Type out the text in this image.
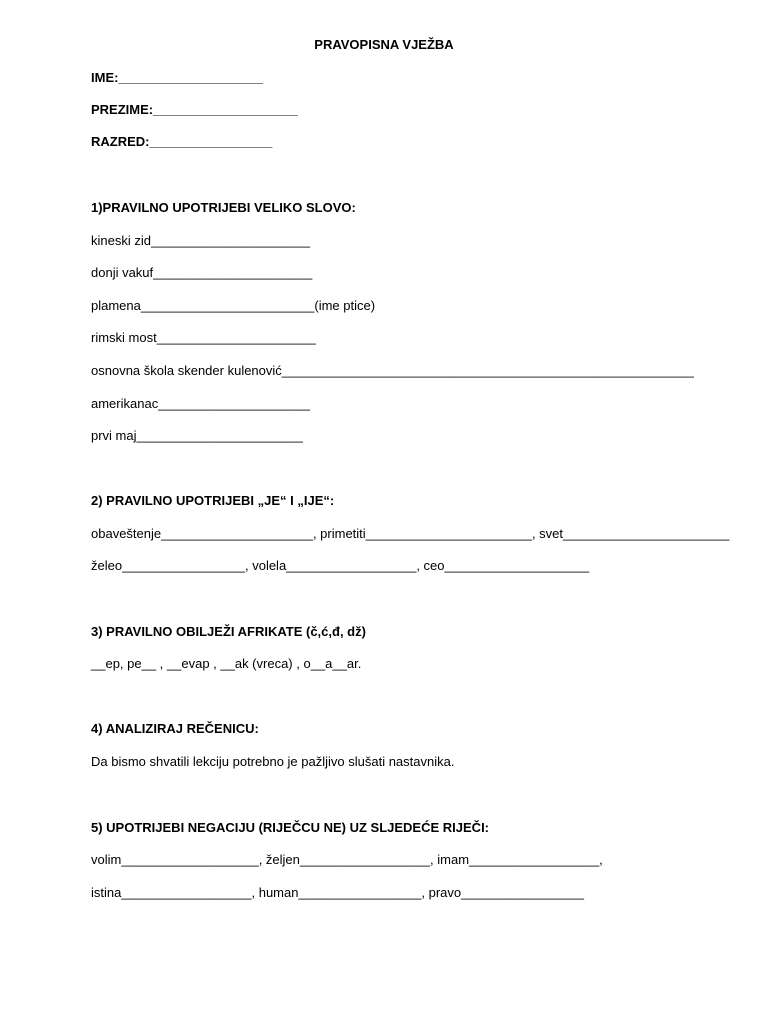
PRAVOPISNA VJEŽBA
IME:____________________
PREZIME:____________________
RAZRED:_________________
1)PRAVILNO UPOTRIJEBI VELIKO SLOVO:
kineski zid______________________
donji vakuf______________________
plamena________________________(ime ptice)
rimski most______________________
osnovna škola skender kulenović_________________________________________________________
amerikanac_____________________
prvi maj_______________________
2) PRAVILNO UPOTRIJEBI „JE“ I „IJE“:
obaveštenje_____________________, primetiti_______________________, svet_______________________
želeo_________________, volela__________________, ceo____________________
3) PRAVILNO OBILJEŽI AFRIKATE (č,ć,đ, dž)
__ep, pe__ , __evap , __ak (vreca) , o__a__ar.
4) ANALIZIRAJ REČENICU:
Da bismo shvatili lekciju potrebno je pažljivo slušati nastavnika.
5) UPOTRIJEBI NEGACIJU (RIJEČCU NE) UZ SLJEDEĆE RIJEČI:
volim___________________, željen__________________, imam__________________,
istina__________________, human_________________, pravo_________________
